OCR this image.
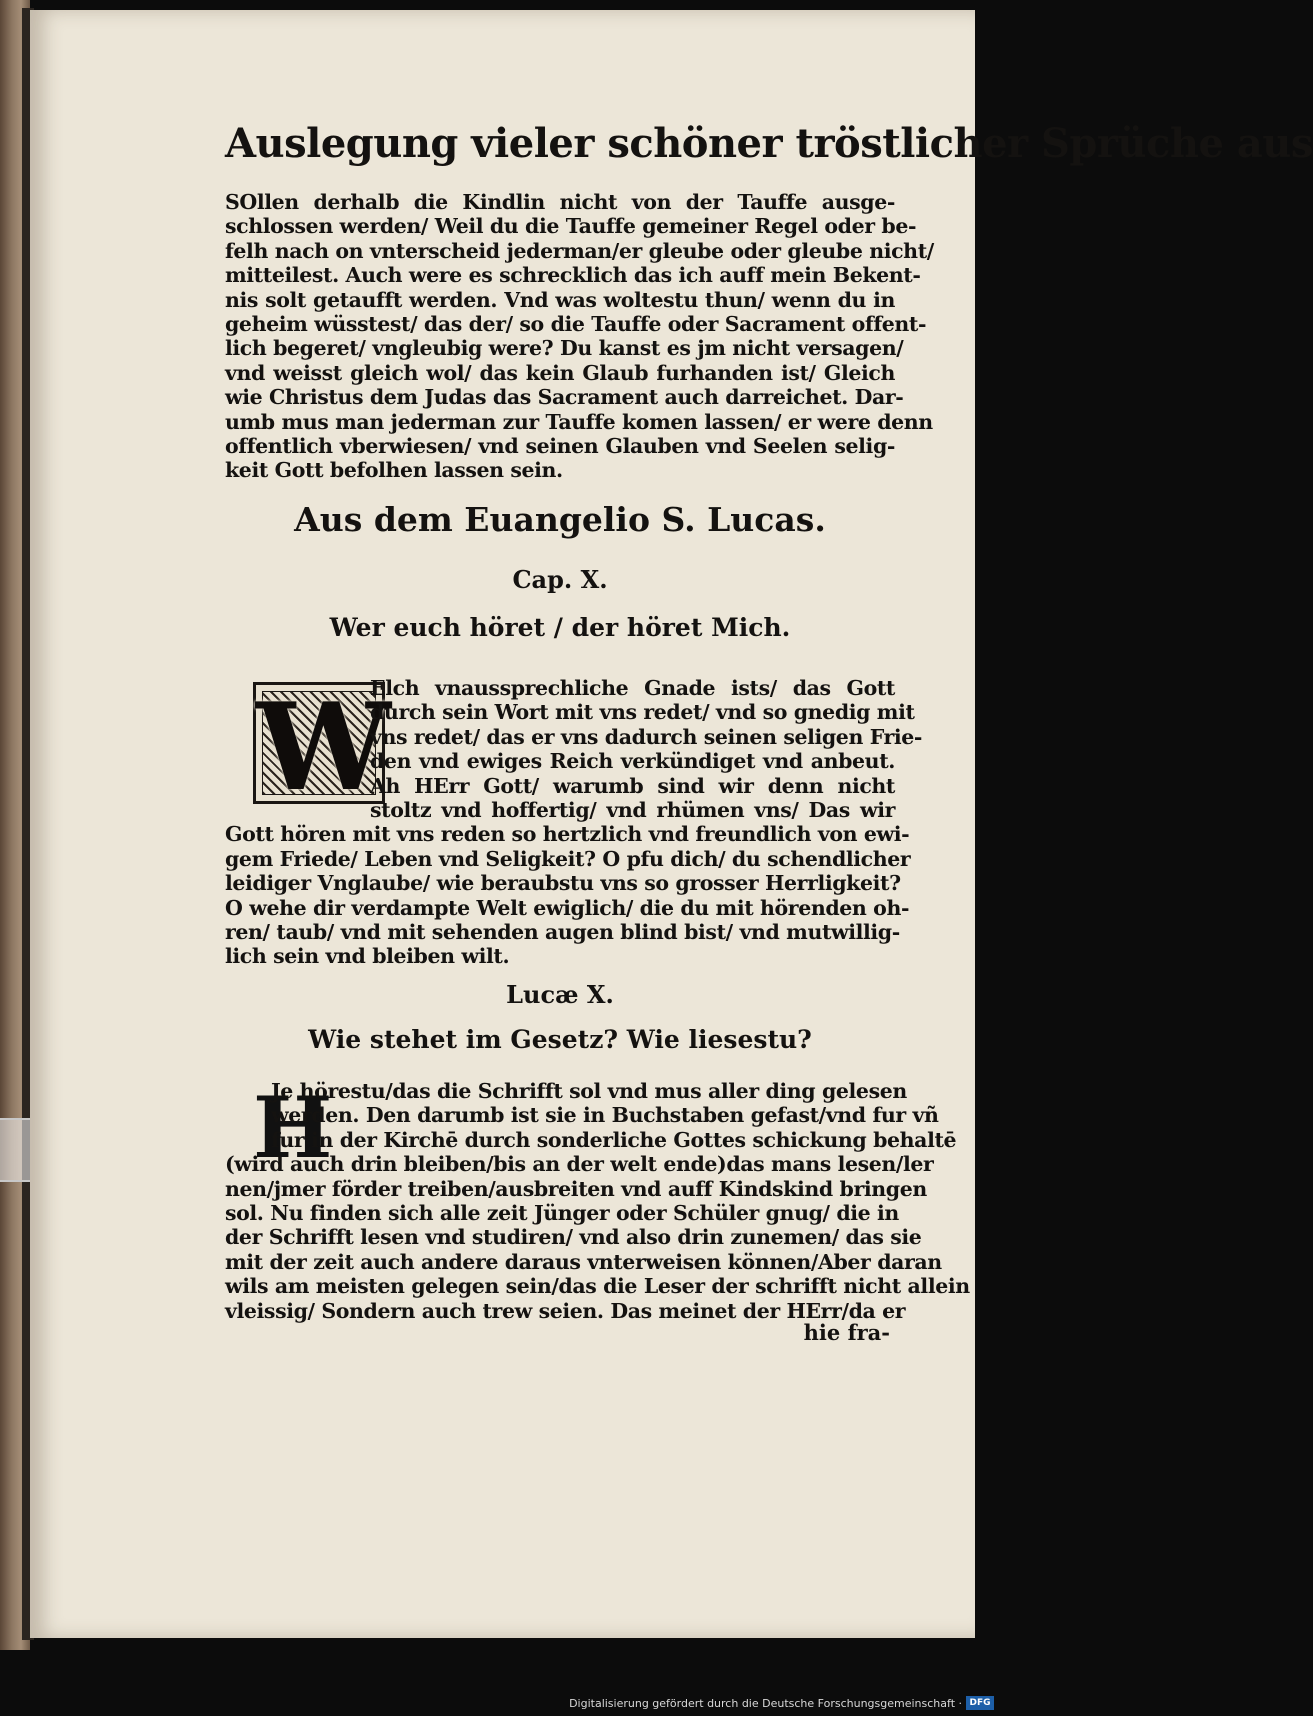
Auslegung vieler schöner tröstlicher Sprüche aus
SOllen derhalb die Kindlin nicht von der Tauffe ausge‑
schlossen werden/ Weil du die Tauffe gemeiner Regel oder be‑
felh nach on vnterscheid jederman/er gleube oder gleube nicht/
mitteilest. Auch were es schrecklich das ich auff mein Bekent‑
nis solt getaufft werden. Vnd was woltestu thun/ wenn du in
geheim wüsstest/ das der/ so die Tauffe oder Sacrament offent‑
lich begeret/ vngleubig were? Du kanst es jm nicht versagen/
vnd weisst gleich wol/ das kein Glaub furhanden ist/ Gleich
wie Christus dem Judas das Sacrament auch darreichet. Dar‑
umb mus man jederman zur Tauffe komen lassen/ er were denn
offentlich vberwiesen/ vnd seinen Glauben vnd Seelen selig‑
keit Gott befolhen lassen sein.
Aus dem Euangelio S. Lucas.
Cap. X.
Wer euch höret / der höret Mich.
W
Elch vnaussprechliche Gnade ists/ das Gott
durch sein Wort mit vns redet/ vnd so gnedig mit
vns redet/ das er vns dadurch seinen seligen Frie‑
den vnd ewiges Reich verkündiget vnd anbeut.
Ah HErr Gott/ warumb sind wir denn nicht
stoltz vnd hoffertig/ vnd rhümen vns/ Das wir
Gott hören mit vns reden so hertzlich vnd freundlich von ewi‑
gem Friede/ Leben vnd Seligkeit? O pfu dich/ du schendlicher
leidiger Vnglaube/ wie beraubstu vns so grosser Herrligkeit?
O wehe dir verdampte Welt ewiglich/ die du mit hörenden oh‑
ren/ taub/ vnd mit sehenden augen blind bist/ vnd mutwillig‑
lich sein vnd bleiben wilt.
Lucæ X.
Wie stehet im Gesetz? Wie liesestu?
H
Je hörestu/das die Schrifft sol vnd mus aller ding gelesen
werden. Den darumb ist sie in Buchstaben gefast/vnd fur vñ
fur in der Kirchē durch sonderliche Gottes schickung behaltē
(wird auch drin bleiben/bis an der welt ende)das mans lesen/ler
nen/jmer förder treiben/ausbreiten vnd auff Kindskind bringen
sol. Nu finden sich alle zeit Jünger oder Schüler gnug/ die in
der Schrifft lesen vnd studiren/ vnd also drin zunemen/ das sie
mit der zeit auch andere daraus vnterweisen können/Aber daran
wils am meisten gelegen sein/das die Leser der schrifft nicht allein
vleissig/ Sondern auch trew seien. Das meinet der HErr/da er
hie fra‑
Digitalisierung gefördert durch die Deutsche Forschungsgemeinschaft · DFG
